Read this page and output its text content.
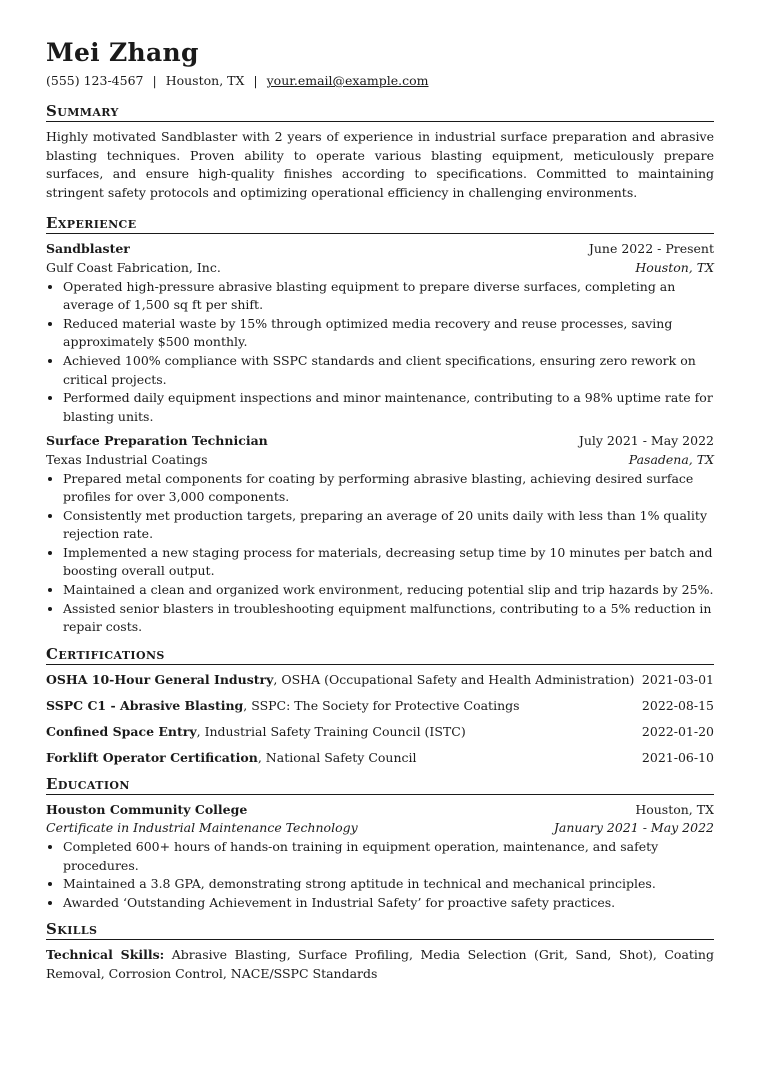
Mei Zhang
(555) 123-4567 | Houston, TX | your.email@example.com
Summary

Highly motivated Sandblaster with 2 years of experience in industrial surface preparation and abrasive blasting techniques. Proven ability to operate various blasting equipment, meticulously prepare surfaces, and ensure high-quality finishes according to specifications. Committed to maintaining stringent safety protocols and optimizing operational efficiency in challenging environments.

Experience
Sandblaster	June 2022 - Present
Gulf Coast Fabrication, Inc.	Houston, TX
• Operated high-pressure abrasive blasting equipment to prepare diverse surfaces, completing an average of 1,500 sq ft per shift.
• Reduced material waste by 15% through optimized media recovery and reuse processes, saving approximately $500 monthly.
• Achieved 100% compliance with SSPC standards and client specifications, ensuring zero rework on critical projects.
• Performed daily equipment inspections and minor maintenance, contributing to a 98% uptime rate for blasting units.
Surface Preparation Technician	July 2021 - May 2022
Texas Industrial Coatings	Pasadena, TX
• Prepared metal components for coating by performing abrasive blasting, achieving desired surface profiles for over 3,000 components.
• Consistently met production targets, preparing an average of 20 units daily with less than 1% quality rejection rate.
• Implemented a new staging process for materials, decreasing setup time by 10 minutes per batch and boosting overall output.
• Maintained a clean and organized work environment, reducing potential slip and trip hazards by 25%.
• Assisted senior blasters in troubleshooting equipment malfunctions, contributing to a 5% reduction in repair costs.
Certifications
OSHA 10-Hour General Industry, OSHA (Occupational Safety and Health Administration) 2021-03-01
SSPC C1 - Abrasive Blasting, SSPC: The Society for Protective Coatings	2022-08-15
Confined Space Entry, Industrial Safety Training Council (ISTC)	2022-01-20
Forklift Operator Certification, National Safety Council	2021-06-10
Education
Houston Community College	Houston, TX
Certificate in Industrial Maintenance Technology	January 2021 - May 2022
• Completed 600+ hours of hands-on training in equipment operation, maintenance, and safety procedures.
• Maintained a 3.8 GPA, demonstrating strong aptitude in technical and mechanical principles.
• Awarded ‘Outstanding Achievement in Industrial Safety’ for proactive safety practices.
Skills

Technical Skills: Abrasive Blasting, Surface Profiling, Media Selection (Grit, Sand, Shot), Coating Removal, Corrosion Control, NACE/SSPC Standards
